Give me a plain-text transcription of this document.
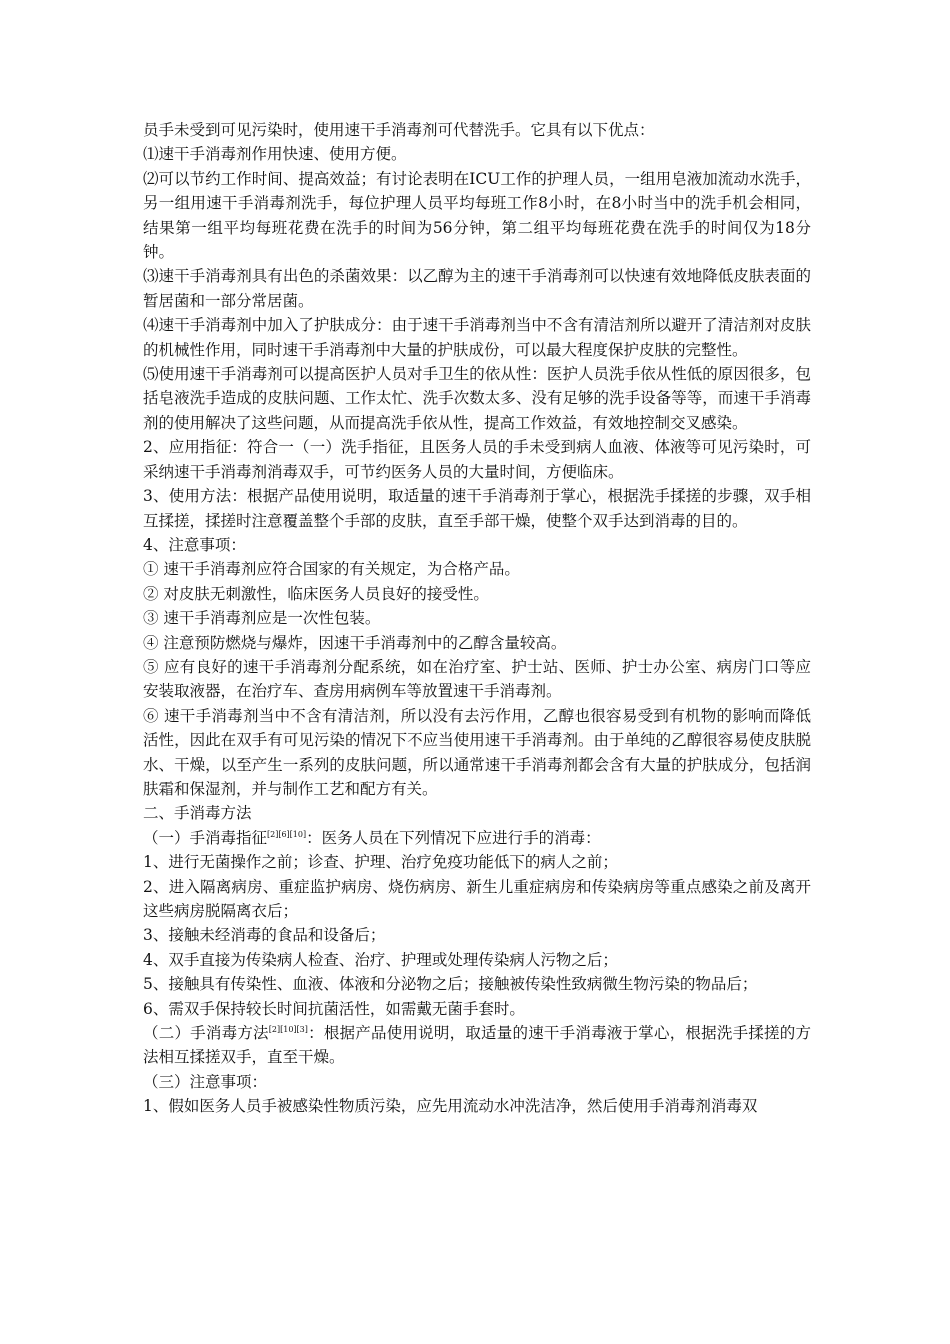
员手未受到可见污染时，使用速干手消毒剂可代替洗手。它具有以下优点：

⑴速干手消毒剂作用快速、使用方便。

⑵可以节约工作时间、提高效益；有讨论表明在ICU工作的护理人员，一组用皂液加流动水洗手，另一组用速干手消毒剂洗手，每位护理人员平均每班工作8小时，在8小时当中的洗手机会相同，结果第一组平均每班花费在洗手的时间为56分钟，第二组平均每班花费在洗手的时间仅为18分钟。

⑶速干手消毒剂具有出色的杀菌效果：以乙醇为主的速干手消毒剂可以快速有效地降低皮肤表面的暂居菌和一部分常居菌。

⑷速干手消毒剂中加入了护肤成分：由于速干手消毒剂当中不含有清洁剂所以避开了清洁剂对皮肤的机械性作用，同时速干手消毒剂中大量的护肤成份，可以最大程度保护皮肤的完整性。

⑸使用速干手消毒剂可以提高医护人员对手卫生的依从性：医护人员洗手依从性低的原因很多，包括皂液洗手造成的皮肤问题、工作太忙、洗手次数太多、没有足够的洗手设备等等，而速干手消毒剂的使用解决了这些问题，从而提高洗手依从性，提高工作效益，有效地控制交叉感染。

2、应用指征：符合一（一）洗手指征，且医务人员的手未受到病人血液、体液等可见污染时，可采纳速干手消毒剂消毒双手，可节约医务人员的大量时间，方便临床。

3、使用方法：根据产品使用说明，取适量的速干手消毒剂于掌心，根据洗手揉搓的步骤，双手相互揉搓，揉搓时注意覆盖整个手部的皮肤，直至手部干燥，使整个双手达到消毒的目的。

4、注意事项：

① 速干手消毒剂应符合国家的有关规定，为合格产品。

② 对皮肤无刺激性，临床医务人员良好的接受性。

③ 速干手消毒剂应是一次性包装。

④ 注意预防燃烧与爆炸，因速干手消毒剂中的乙醇含量较高。

⑤ 应有良好的速干手消毒剂分配系统，如在治疗室、护士站、医师、护士办公室、病房门口等应安装取液器，在治疗车、查房用病例车等放置速干手消毒剂。

⑥ 速干手消毒剂当中不含有清洁剂，所以没有去污作用，乙醇也很容易受到有机物的影响而降低活性，因此在双手有可见污染的情况下不应当使用速干手消毒剂。由于单纯的乙醇很容易使皮肤脱水、干燥，以至产生一系列的皮肤问题，所以通常速干手消毒剂都会含有大量的护肤成分，包括润肤霜和保湿剂，并与制作工艺和配方有关。

二、手消毒方法

（一）手消毒指征[2][6][10]：医务人员在下列情况下应进行手的消毒：

1、进行无菌操作之前；诊查、护理、治疗免疫功能低下的病人之前；

2、进入隔离病房、重症监护病房、烧伤病房、新生儿重症病房和传染病房等重点感染之前及离开这些病房脱隔离衣后；

3、接触未经消毒的食品和设备后；

4、双手直接为传染病人检查、治疗、护理或处理传染病人污物之后；

5、接触具有传染性、血液、体液和分泌物之后；接触被传染性致病微生物污染的物品后；

6、需双手保持较长时间抗菌活性，如需戴无菌手套时。

（二）手消毒方法[2][10][3]：根据产品使用说明，取适量的速干手消毒液于掌心，根据洗手揉搓的方法相互揉搓双手，直至干燥。

（三）注意事项：

1、假如医务人员手被感染性物质污染，应先用流动水冲洗洁净，然后使用手消毒剂消毒双
